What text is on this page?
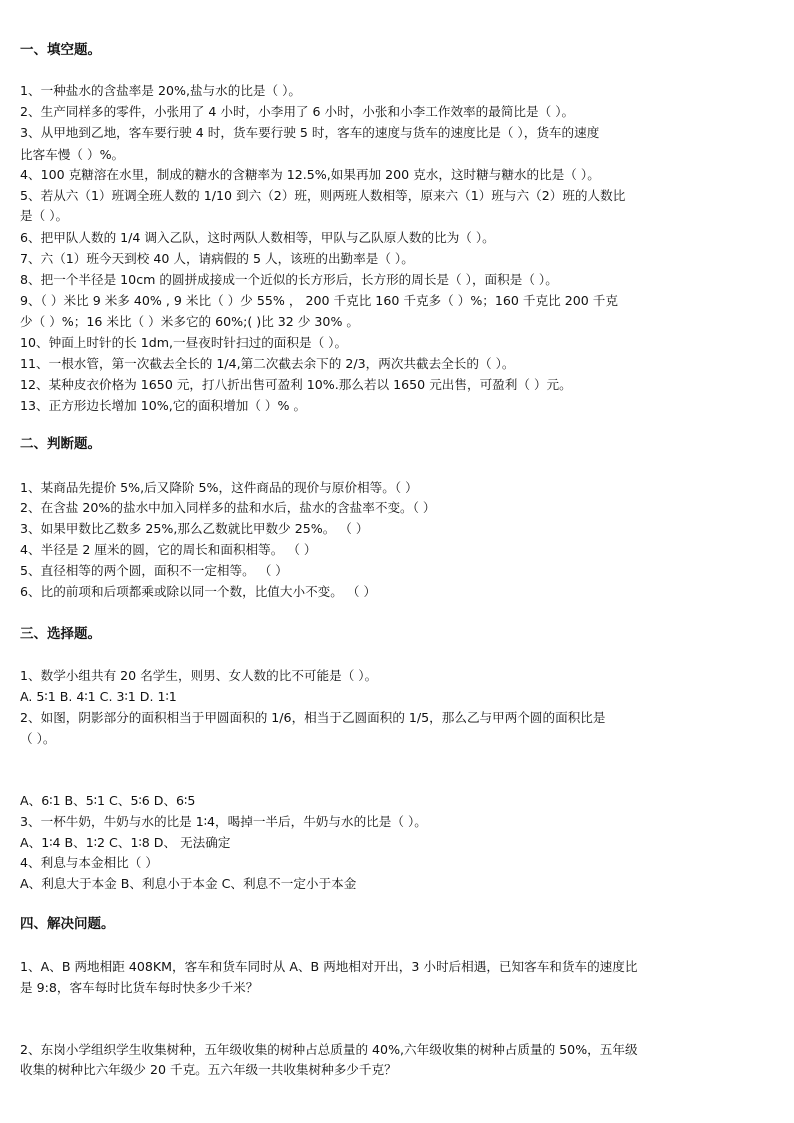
一、填空题。
1、一种盐水的含盐率是 20%,盐与水的比是（ ）。
2、生产同样多的零件，小张用了 4 小时，小李用了 6 小时，小张和小李工作效率的最简比是（ ）。
3、从甲地到乙地，客车要行驶 4 时，货车要行驶 5 时，客车的速度与货车的速度比是（ ），货车的速度
比客车慢（ ）%。
4、100 克糖溶在水里，制成的糖水的含糖率为 12.5%,如果再加 200 克水，这时糖与糖水的比是（ ）。
5、若从六（1）班调全班人数的 1/10 到六（2）班，则两班人数相等，原来六（1）班与六（2）班的人数比
是（ ）。
6、把甲队人数的 1/4 调入乙队，这时两队人数相等，甲队与乙队原人数的比为（ ）。
7、六（1）班今天到校 40 人，请病假的 5 人，该班的出勤率是（ ）。
8、把一个半径是 10cm 的圆拼成接成一个近似的长方形后，长方形的周长是（ ），面积是（ ）。
9、（ ）米比 9 米多 40% , 9 米比（ ）少 55% ， 200 千克比 160 千克多（ ）%；160 千克比 200 千克
少（ ）%；16 米比（ ）米多它的 60%;( )比 32 少 30% 。
10、钟面上时针的长 1dm,一昼夜时针扫过的面积是（ ）。
11、一根水管，第一次截去全长的 1/4,第二次截去余下的 2/3，两次共截去全长的（ ）。
12、某种皮衣价格为 1650 元，打八折出售可盈利 10%.那么若以 1650 元出售，可盈利（ ）元。
13、正方形边长增加 10%,它的面积增加（ ）% 。
二、判断题。
1、某商品先提价 5%,后又降阶 5%，这件商品的现价与原价相等。（ ）
2、在含盐 20%的盐水中加入同样多的盐和水后，盐水的含盐率不变。（ ）
3、如果甲数比乙数多 25%,那么乙数就比甲数少 25%。 （ ）
4、半径是 2 厘米的圆，它的周长和面积相等。 （ ）
5、直径相等的两个圆，面积不一定相等。 （ ）
6、比的前项和后项都乘或除以同一个数，比值大小不变。 （ ）
三、选择题。
1、数学小组共有 20 名学生，则男、女人数的比不可能是（ ）。
A. 5∶1 B. 4∶1 C. 3∶1 D. 1∶1
2、如图，阴影部分的面积相当于甲圆面积的 1/6，相当于乙圆面积的 1/5，那么乙与甲两个圆的面积比是
（ ）。
A、6∶1 B、5∶1 C、5∶6 D、6∶5
3、一杯牛奶，牛奶与水的比是 1∶4，喝掉一半后，牛奶与水的比是（ ）。
A、1∶4 B、1∶2 C、1∶8 D、 无法确定
4、利息与本金相比（ ）
A、利息大于本金 B、利息小于本金 C、利息不一定小于本金
四、解决问题。
1、A、B 两地相距 408KM，客车和货车同时从 A、B 两地相对开出，3 小时后相遇，已知客车和货车的速度比
是 9:8，客车每时比货车每时快多少千米？
2、东岗小学组织学生收集树种，五年级收集的树种占总质量的 40%,六年级收集的树种占质量的 50%，五年级
收集的树种比六年级少 20 千克。五六年级一共收集树种多少千克？
